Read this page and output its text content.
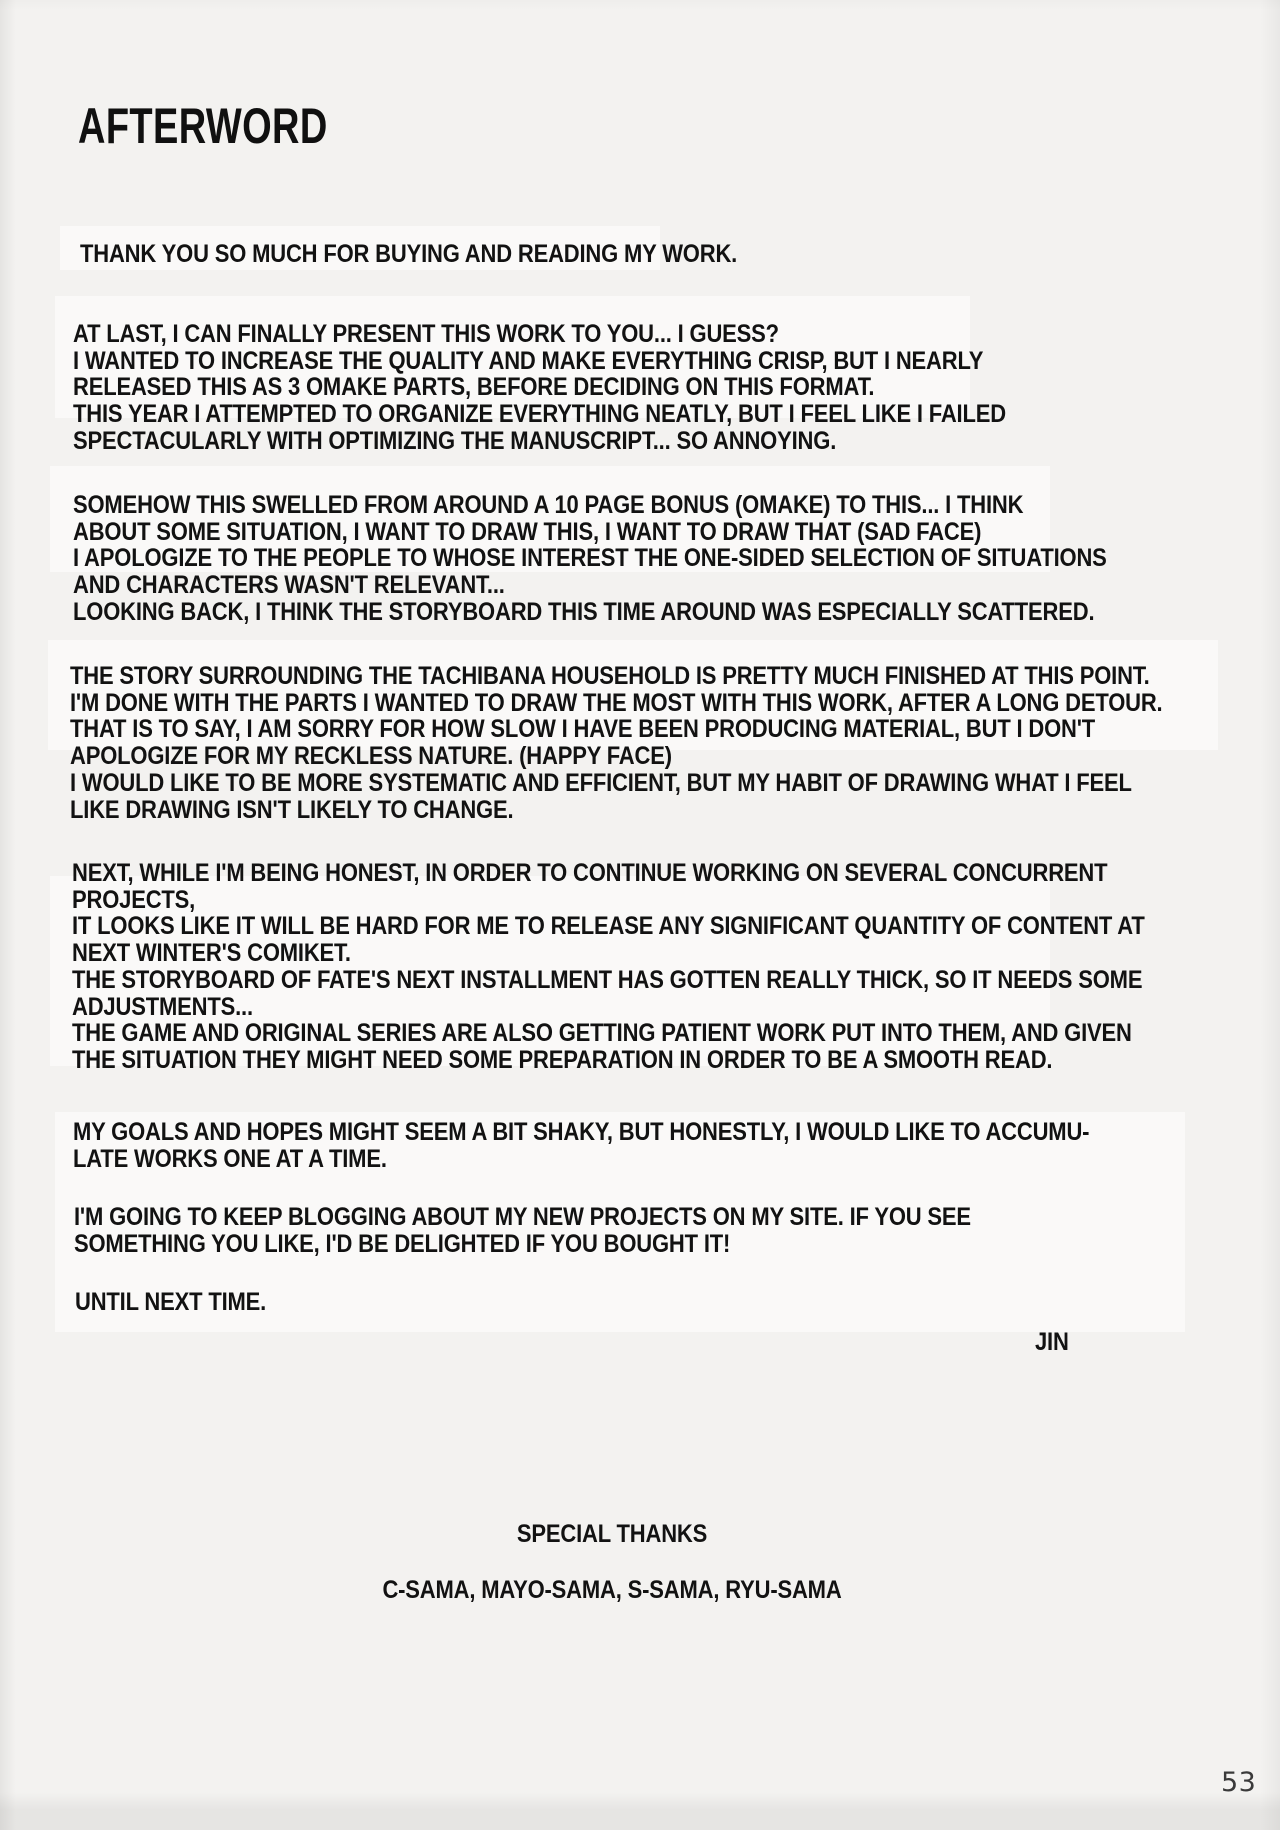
AFTERWORD
THANK YOU SO MUCH FOR BUYING AND READING MY WORK.
AT LAST, I CAN FINALLY PRESENT THIS WORK TO YOU... I GUESS?
I WANTED TO INCREASE THE QUALITY AND MAKE EVERYTHING CRISP, BUT I NEARLY
RELEASED THIS AS 3 OMAKE PARTS, BEFORE DECIDING ON THIS FORMAT.
THIS YEAR I ATTEMPTED TO ORGANIZE EVERYTHING NEATLY, BUT I FEEL LIKE I FAILED
SPECTACULARLY WITH OPTIMIZING THE MANUSCRIPT... SO ANNOYING.
SOMEHOW THIS SWELLED FROM AROUND A 10 PAGE BONUS (OMAKE) TO THIS... I THINK
ABOUT SOME SITUATION, I WANT TO DRAW THIS, I WANT TO DRAW THAT (SAD FACE)
I APOLOGIZE TO THE PEOPLE TO WHOSE INTEREST THE ONE-SIDED SELECTION OF SITUATIONS
AND CHARACTERS WASN'T RELEVANT...
LOOKING BACK, I THINK THE STORYBOARD THIS TIME AROUND WAS ESPECIALLY SCATTERED.
THE STORY SURROUNDING THE TACHIBANA HOUSEHOLD IS PRETTY MUCH FINISHED AT THIS POINT.
I'M DONE WITH THE PARTS I WANTED TO DRAW THE MOST WITH THIS WORK, AFTER A LONG DETOUR.
THAT IS TO SAY, I AM SORRY FOR HOW SLOW I HAVE BEEN PRODUCING MATERIAL, BUT I DON'T
APOLOGIZE FOR MY RECKLESS NATURE. (HAPPY FACE)
I WOULD LIKE TO BE MORE SYSTEMATIC AND EFFICIENT, BUT MY HABIT OF DRAWING WHAT I FEEL
LIKE DRAWING ISN'T LIKELY TO CHANGE.
NEXT, WHILE I'M BEING HONEST, IN ORDER TO CONTINUE WORKING ON SEVERAL CONCURRENT
PROJECTS,
IT LOOKS LIKE IT WILL BE HARD FOR ME TO RELEASE ANY SIGNIFICANT QUANTITY OF CONTENT AT
NEXT WINTER'S COMIKET.
THE STORYBOARD OF FATE'S NEXT INSTALLMENT HAS GOTTEN REALLY THICK, SO IT NEEDS SOME
ADJUSTMENTS...
THE GAME AND ORIGINAL SERIES ARE ALSO GETTING PATIENT WORK PUT INTO THEM, AND GIVEN
THE SITUATION THEY MIGHT NEED SOME PREPARATION IN ORDER TO BE A SMOOTH READ.
MY GOALS AND HOPES MIGHT SEEM A BIT SHAKY, BUT HONESTLY, I WOULD LIKE TO ACCUMU-
LATE WORKS ONE AT A TIME.
I'M GOING TO KEEP BLOGGING ABOUT MY NEW PROJECTS ON MY SITE. IF YOU SEE
SOMETHING YOU LIKE, I'D BE DELIGHTED IF YOU BOUGHT IT!
UNTIL NEXT TIME.
JIN
SPECIAL THANKS
C-SAMA, MAYO-SAMA, S-SAMA, RYU-SAMA
53
